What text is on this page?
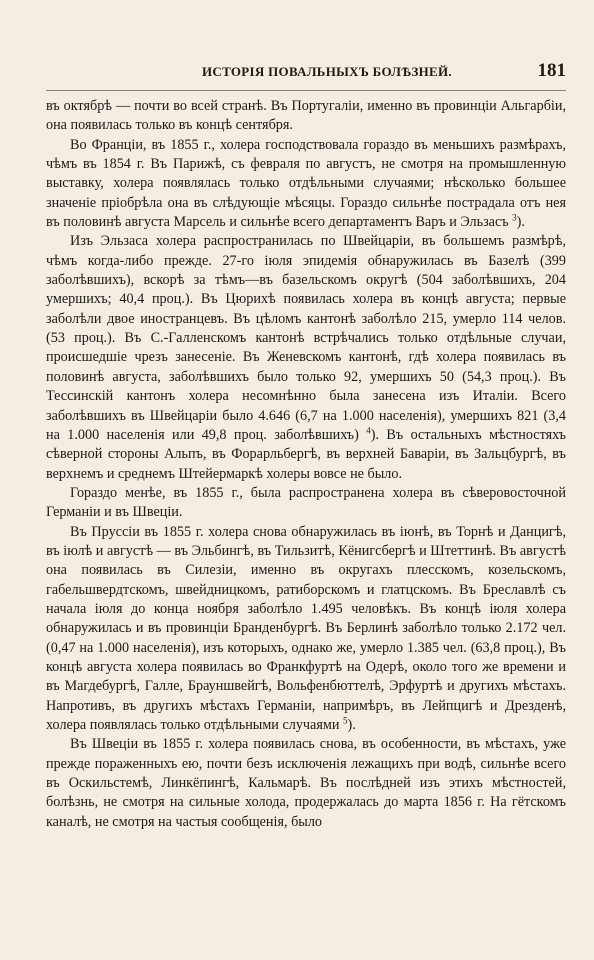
ИСТОРІЯ ПОВАЛЬНЫХЪ БОЛѢЗНЕЙ.	181

въ октябрѣ — почти во всей странѣ. Въ Португаліи, именно въ провинціи Альгарбіи, она появилась только въ концѣ сентября.

Во Франціи, въ 1855 г., холера господствовала гораздо въ меньшихъ размѣрахъ, чѣмъ въ 1854 г. Въ Парижѣ, съ февраля по августъ, не смотря на промышленную выставку, холера появлялась только отдѣльными случаями; нѣсколько большее значеніе пріобрѣла она въ слѣдующіе мѣсяцы. Гораздо сильнѣе пострадала отъ нея въ половинѣ августа Марсель и сильнѣе всего департаментъ Варъ и Эльзасъ $^3$).

Изъ Эльзаса холера распространилась по Швейцаріи, въ большемъ размѣрѣ, чѣмъ когда-либо прежде. 27-го іюля эпидемія обнаружилась въ Базелѣ (399 заболѣвшихъ), вскорѣ за тѣмъ—въ базельскомъ округѣ (504 заболѣвшихъ, 204 умершихъ; 40,4 проц.). Въ Цюрихѣ появилась холера въ концѣ августа; первые заболѣли двое иностранцевъ. Въ цѣломъ кантонѣ заболѣло 215, умерло 114 челов. (53 проц.). Въ С.-Галленскомъ кантонѣ встрѣчались только отдѣльные случаи, происшедшіе чрезъ занесеніе. Въ Женевскомъ кантонѣ, гдѣ холера появилась въ половинѣ августа, заболѣвшихъ было только 92, умершихъ 50 (54,3 проц.). Въ Тессинскій кантонъ холера несомнѣнно была занесена изъ Италіи. Всего заболѣвшихъ въ Швейцаріи было 4.646 (6,7 на 1.000 населенія), умершихъ 821 (3,4 на 1.000 населенія или 49,8 проц. заболѣвшихъ) $^4$). Въ остальныхъ мѣстностяхъ сѣверной стороны Альпъ, въ Форарльбергѣ, въ верхней Баваріи, въ Зальцбургѣ, въ верхнемъ и среднемъ Штейермаркѣ холеры вовсе не было.

Гораздо менѣе, въ 1855 г., была распространена холера въ сѣверовосточной Германіи и въ Швеціи.

Въ Пруссіи въ 1855 г. холера снова обнаружилась въ іюнѣ, въ Торнѣ и Данцигѣ, въ іюлѣ и августѣ — въ Эльбингѣ, въ Тильзитѣ, Кёнигсбергѣ и Штеттинѣ. Въ августѣ она появилась въ Силезіи, именно въ округахъ плесскомъ, козельскомъ, габельшвердтскомъ, швейдницкомъ, ратиборскомъ и глатцскомъ. Въ Бреславлѣ съ начала іюля до конца ноября заболѣло 1.495 человѣкъ. Въ концѣ іюля холера обнаружилась и въ провинціи Бранденбургѣ. Въ Берлинѣ заболѣло только 2.172 чел. (0,47 на 1.000 населенія), изъ которыхъ, однако же, умерло 1.385 чел. (63,8 проц.), Въ концѣ августа холера появилась во Франкфуртѣ на Одерѣ, около того же времени и въ Магдебургѣ, Галле, Брауншвейгѣ, Вольфенбюттелѣ, Эрфуртѣ и другихъ мѣстахъ. Напротивъ, въ другихъ мѣстахъ Германіи, напримѣръ, въ Лейпцигѣ и Дрезденѣ, холера появлялась только отдѣльными случаями $^5$).

Въ Швеціи въ 1855 г. холера появилась снова, въ особенности, въ мѣстахъ, уже прежде пораженныхъ ею, почти безъ исключенія лежащихъ при водѣ, сильнѣе всего въ Оскильстемѣ, Линкёпингѣ, Кальмарѣ. Въ послѣдней изъ этихъ мѣстностей, болѣзнь, не смотря на сильные холода, продержалась до марта 1856 г. На гётскомъ каналѣ, не смотря на частыя сообщенія, было
